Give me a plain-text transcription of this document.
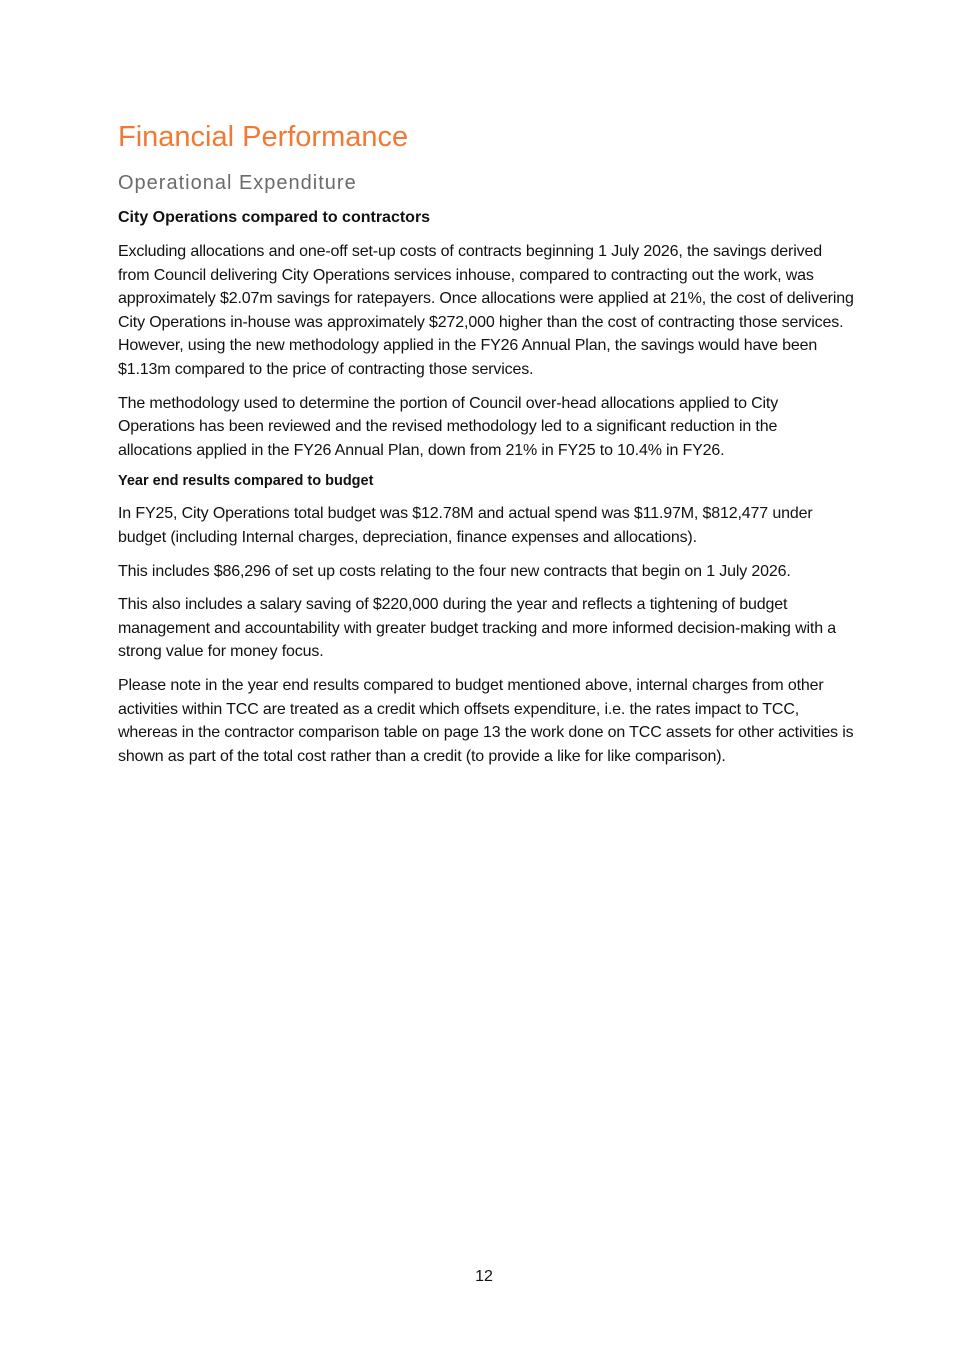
Financial Performance
Operational Expenditure
City Operations compared to contractors

Excluding allocations and one-off set-up costs of contracts beginning 1 July 2026, the savings derived from Council delivering City Operations services inhouse, compared to contracting out the work, was approximately $2.07m savings for ratepayers. Once allocations were applied at 21%, the cost of delivering City Operations in-house was approximately $272,000 higher than the cost of contracting those services. However, using the new methodology applied in the FY26 Annual Plan, the savings would have been $1.13m compared to the price of contracting those services.

The methodology used to determine the portion of Council over-head allocations applied to City Operations has been reviewed and the revised methodology led to a significant reduction in the allocations applied in the FY26 Annual Plan, down from 21% in FY25 to 10.4% in FY26.

Year end results compared to budget

In FY25, City Operations total budget was $12.78M and actual spend was $11.97M, $812,477 under budget (including Internal charges, depreciation, finance expenses and allocations).

This includes $86,296 of set up costs relating to the four new contracts that begin on 1 July 2026.

This also includes a salary saving of $220,000 during the year and reflects a tightening of budget management and accountability with greater budget tracking and more informed decision-making with a strong value for money focus.

Please note in the year end results compared to budget mentioned above, internal charges from other activities within TCC are treated as a credit which offsets expenditure, i.e. the rates impact to TCC, whereas in the contractor comparison table on page 13 the work done on TCC assets for other activities is shown as part of the total cost rather than a credit (to provide a like for like comparison).

12
